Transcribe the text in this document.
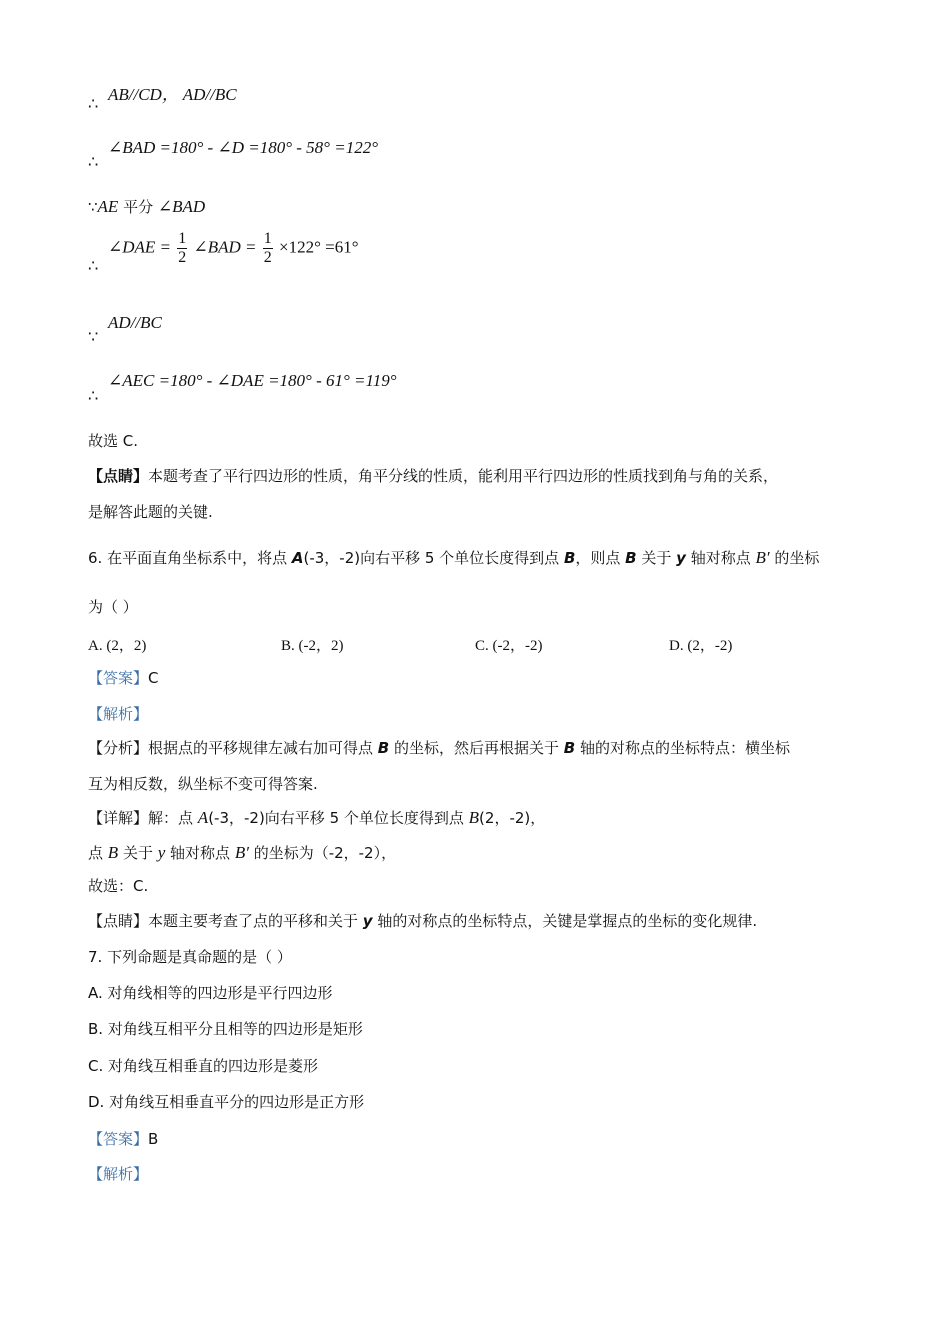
∴ AB//CD， AD//BC
∴
∠BAD =180° - ∠D =180° - 58° =122°
∵AE 平分 ∠BAD
∴
∠DAE = $\frac{1}{2}$ ∠BAD = $\frac{1}{2} \times 122^\circ =61^\circ$
∵
AD//BC
∴
∠AEC =180° - ∠DAE =180° - 61° =119°
故选 C.
【点睛】本题考查了平行四边形的性质，角平分线的性质，能利用平行四边形的性质找到角与角的关系，
是解答此题的关键.
6. 在平面直角坐标系中，将点 A(-3，-2)向右平移 5 个单位长度得到点 B，则点 B 关于 y 轴对称点 B′ 的坐标
为（ ）
A. (2，2)	B. (-2，2)	C. (-2，-2)	D. (2，-2)
【答案】C
【解析】
【分析】根据点的平移规律左减右加可得点 B 的坐标，然后再根据关于 B 轴的对称点的坐标特点：横坐标
互为相反数，纵坐标不变可得答案.
【详解】解：点 A(-3，-2)向右平移 5 个单位长度得到点 B(2，-2)，
点 B 关于 y 轴对称点 B′ 的坐标为（-2，-2），
故选：C.
【点睛】本题主要考查了点的平移和关于 y 轴的对称点的坐标特点，关键是掌握点的坐标的变化规律.
7. 下列命题是真命题的是（ ）
A. 对角线相等的四边形是平行四边形
B. 对角线互相平分且相等的四边形是矩形
C. 对角线互相垂直的四边形是菱形
D. 对角线互相垂直平分的四边形是正方形
【答案】B
【解析】
